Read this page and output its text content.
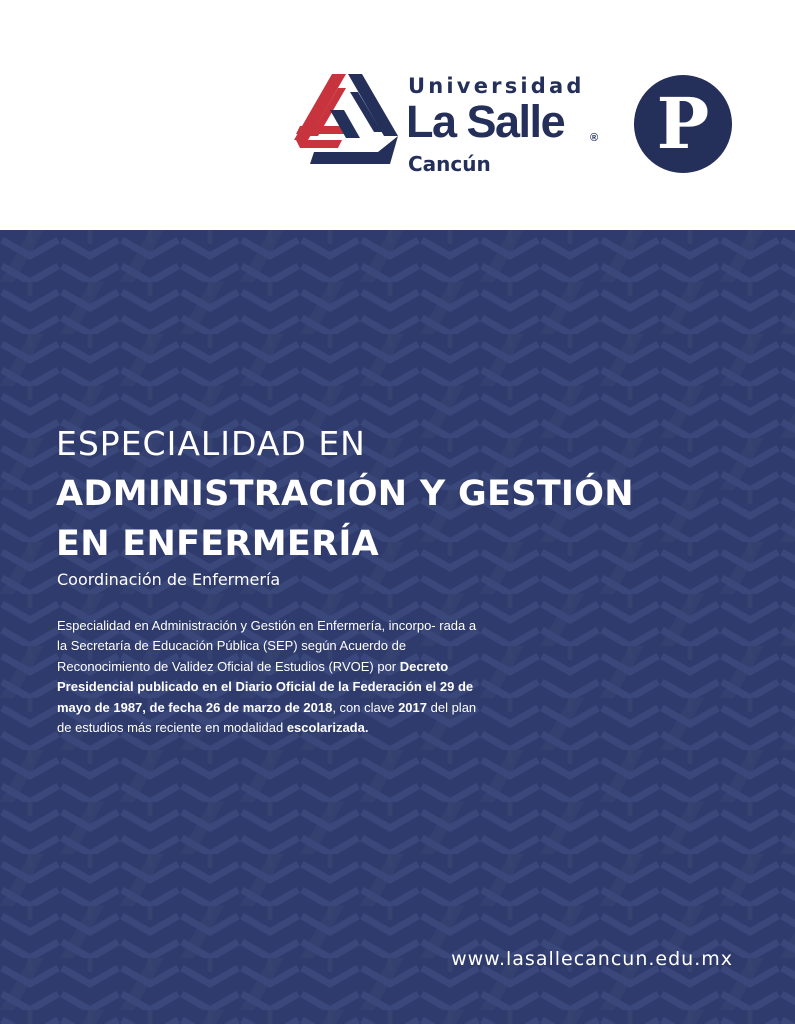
Universidad
La Salle ®
Cancún	P
ESPECIALIDAD EN
ADMINISTRACIÓN Y GESTIÓN
EN ENFERMERÍA
Coordinación de Enfermería

Especialidad en Administración y Gestión en Enfermería, incorpo- rada a la Secretaría de Educación Pública (SEP) según Acuerdo de Reconocimiento de Validez Oficial de Estudios (RVOE) por Decreto Presidencial publicado en el Diario Oficial de la Federación el 29 de mayo de 1987, de fecha 26 de marzo de 2018, con clave 2017 del plan de estudios más reciente en modalidad escolarizada.

www.lasallecancun.edu.mx
